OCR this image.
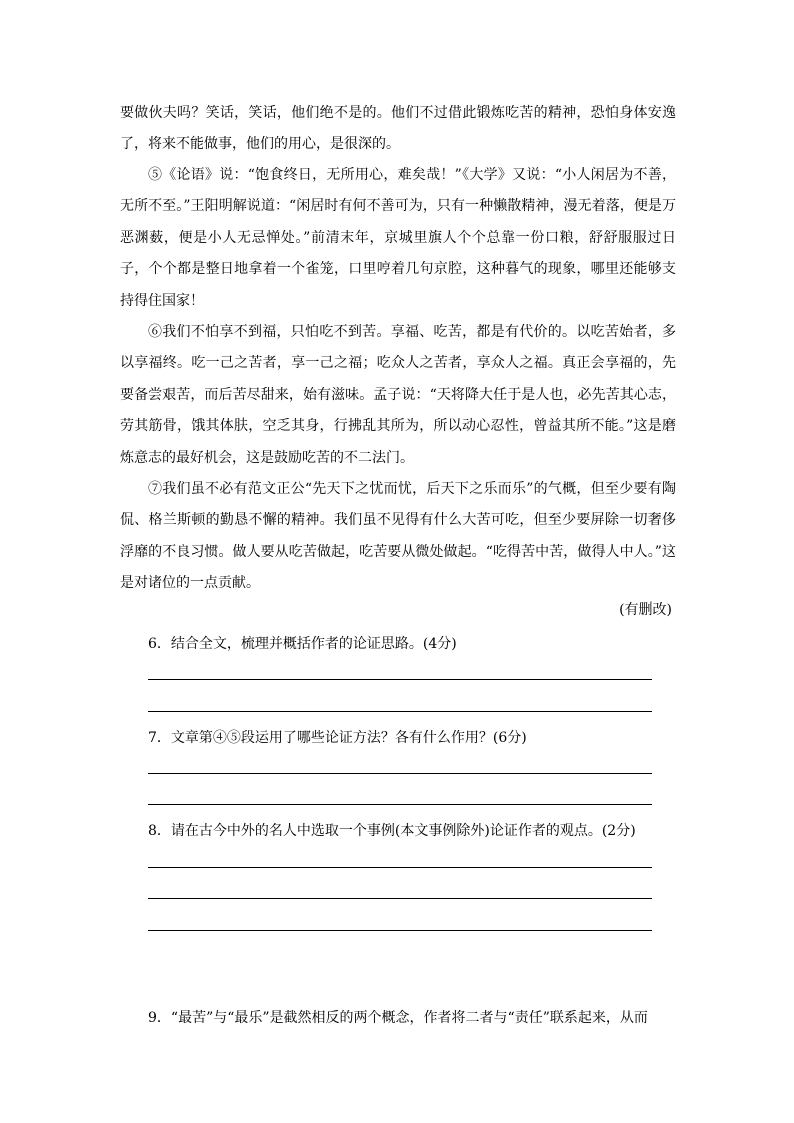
要做伙夫吗？笑话，笑话，他们绝不是的。他们不过借此锻炼吃苦的精神，恐怕身体安逸了，将来不能做事，他们的用心，是很深的。

⑤《论语》说：“饱食终日，无所用心，难矣哉！”《大学》又说：“小人闲居为不善，无所不至。”王阳明解说道：“闲居时有何不善可为，只有一种懒散精神，漫无着落，便是万恶渊薮，便是小人无忌惮处。”前清末年，京城里旗人个个总靠一份口粮，舒舒服服过日子，个个都是整日地拿着一个雀笼，口里哼着几句京腔，这种暮气的现象，哪里还能够支持得住国家！

⑥我们不怕享不到福，只怕吃不到苦。享福、吃苦，都是有代价的。以吃苦始者，多以享福终。吃一己之苦者，享一己之福；吃众人之苦者，享众人之福。真正会享福的，先要备尝艰苦，而后苦尽甜来，始有滋味。孟子说：“天将降大任于是人也，必先苦其心志，劳其筋骨，饿其体肤，空乏其身，行拂乱其所为，所以动心忍性，曾益其所不能。”这是磨炼意志的最好机会，这是鼓励吃苦的不二法门。

⑦我们虽不必有范文正公“先天下之忧而忧，后天下之乐而乐”的气概，但至少要有陶侃、格兰斯顿的勤恳不懈的精神。我们虽不见得有什么大苦可吃，但至少要屏除一切奢侈浮靡的不良习惯。做人要从吃苦做起，吃苦要从微处做起。“吃得苦中苦，做得人中人。”这是对诸位的一点贡献。

(有删改)

6．结合全文，梳理并概括作者的论证思路。(4分)

7．文章第④⑤段运用了哪些论证方法？各有什么作用？(6分)

8．请在古今中外的名人中选取一个事例(本文事例除外)论证作者的观点。(2分)

9．“最苦”与“最乐”是截然相反的两个概念，作者将二者与“责任”联系起来，从而
